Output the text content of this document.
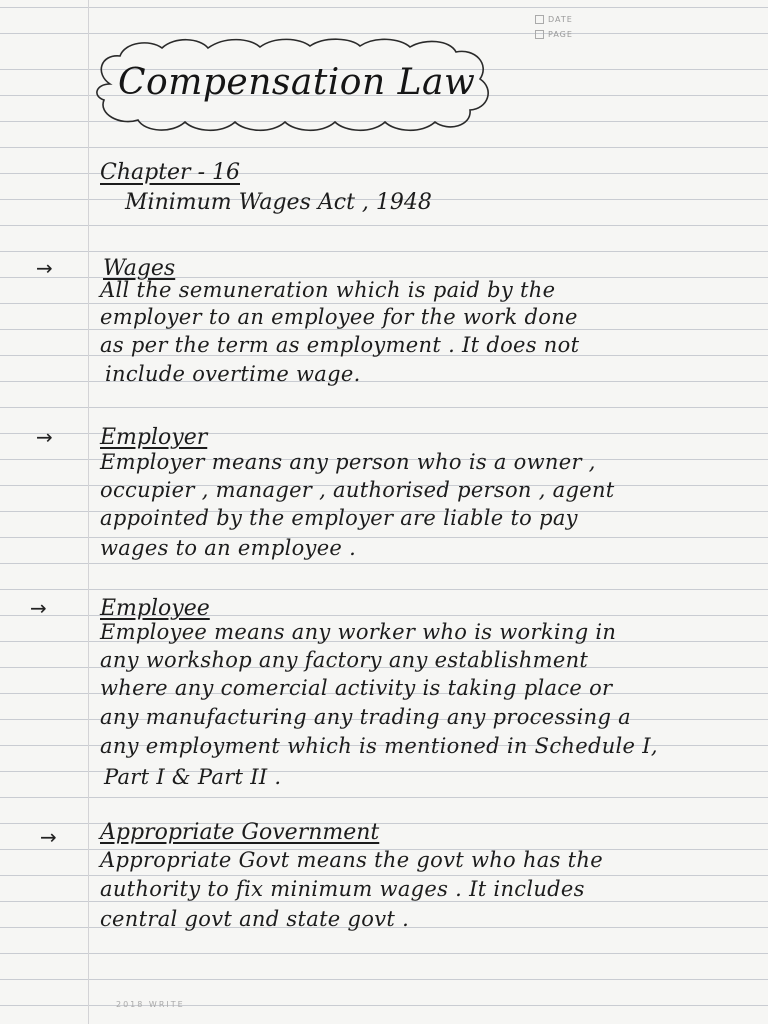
DATE
PAGE
Compensation Law
Chapter - 16
Minimum Wages Act , 1948
→ Wages
All the semuneration which is paid by the
employer to an employee for the work done
as per the term as employment . It does not
include overtime wage.
→ Employer
Employer means any person who is a owner ,
occupier , manager , authorised person , agent
appointed by the employer are liable to pay
wages to an employee .
→ Employee
Employee means any worker who is working in
any workshop any factory any establishment
where any comercial activity is taking place or
any manufacturing any trading any processing a
any employment which is mentioned in Schedule I,
Part I & Part II .
→ Appropriate Government
Appropriate Govt means the govt who has the
authority to fix minimum wages . It includes
central govt and state govt .
2018 WRITE
